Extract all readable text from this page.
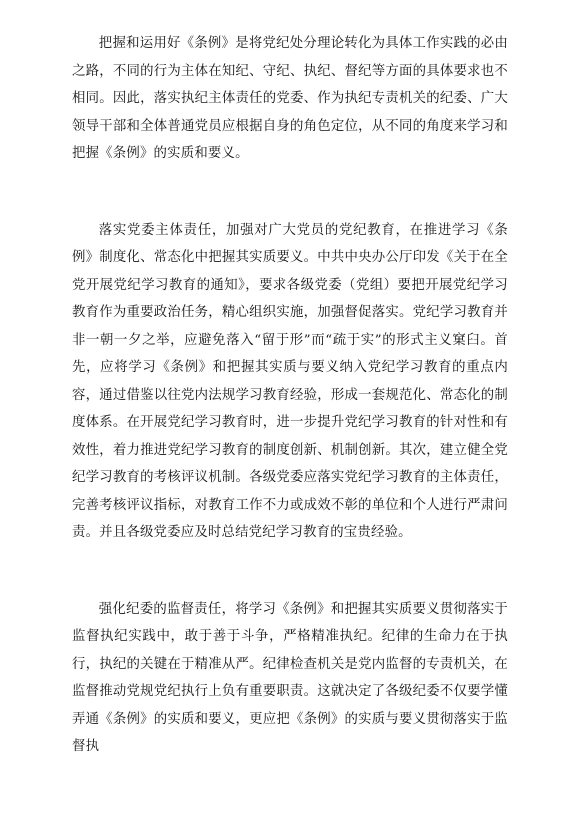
把握和运用好《条例》是将党纪处分理论转化为具体工作实践的必由之路，不同的行为主体在知纪、守纪、执纪、督纪等方面的具体要求也不相同。因此，落实执纪主体责任的党委、作为执纪专责机关的纪委、广大领导干部和全体普通党员应根据自身的角色定位，从不同的角度来学习和把握《条例》的实质和要义。

落实党委主体责任，加强对广大党员的党纪教育，在推进学习《条例》制度化、常态化中把握其实质要义。中共中央办公厅印发《关于在全党开展党纪学习教育的通知》，要求各级党委（党组）要把开展党纪学习教育作为重要政治任务，精心组织实施，加强督促落实。党纪学习教育并非一朝一夕之举，应避免落入“留于形”而“疏于实”的形式主义窠臼。首先，应将学习《条例》和把握其实质与要义纳入党纪学习教育的重点内容，通过借鉴以往党内法规学习教育经验，形成一套规范化、常态化的制度体系。在开展党纪学习教育时，进一步提升党纪学习教育的针对性和有效性，着力推进党纪学习教育的制度创新、机制创新。其次，建立健全党纪学习教育的考核评议机制。各级党委应落实党纪学习教育的主体责任，完善考核评议指标，对教育工作不力或成效不彰的单位和个人进行严肃问责。并且各级党委应及时总结党纪学习教育的宝贵经验。

强化纪委的监督责任，将学习《条例》和把握其实质要义贯彻落实于监督执纪实践中，敢于善于斗争，严格精准执纪。纪律的生命力在于执行，执纪的关键在于精准从严。纪律检查机关是党内监督的专责机关，在监督推动党规党纪执行上负有重要职责。这就决定了各级纪委不仅要学懂弄通《条例》的实质和要义，更应把《条例》的实质与要义贯彻落实于监督执
